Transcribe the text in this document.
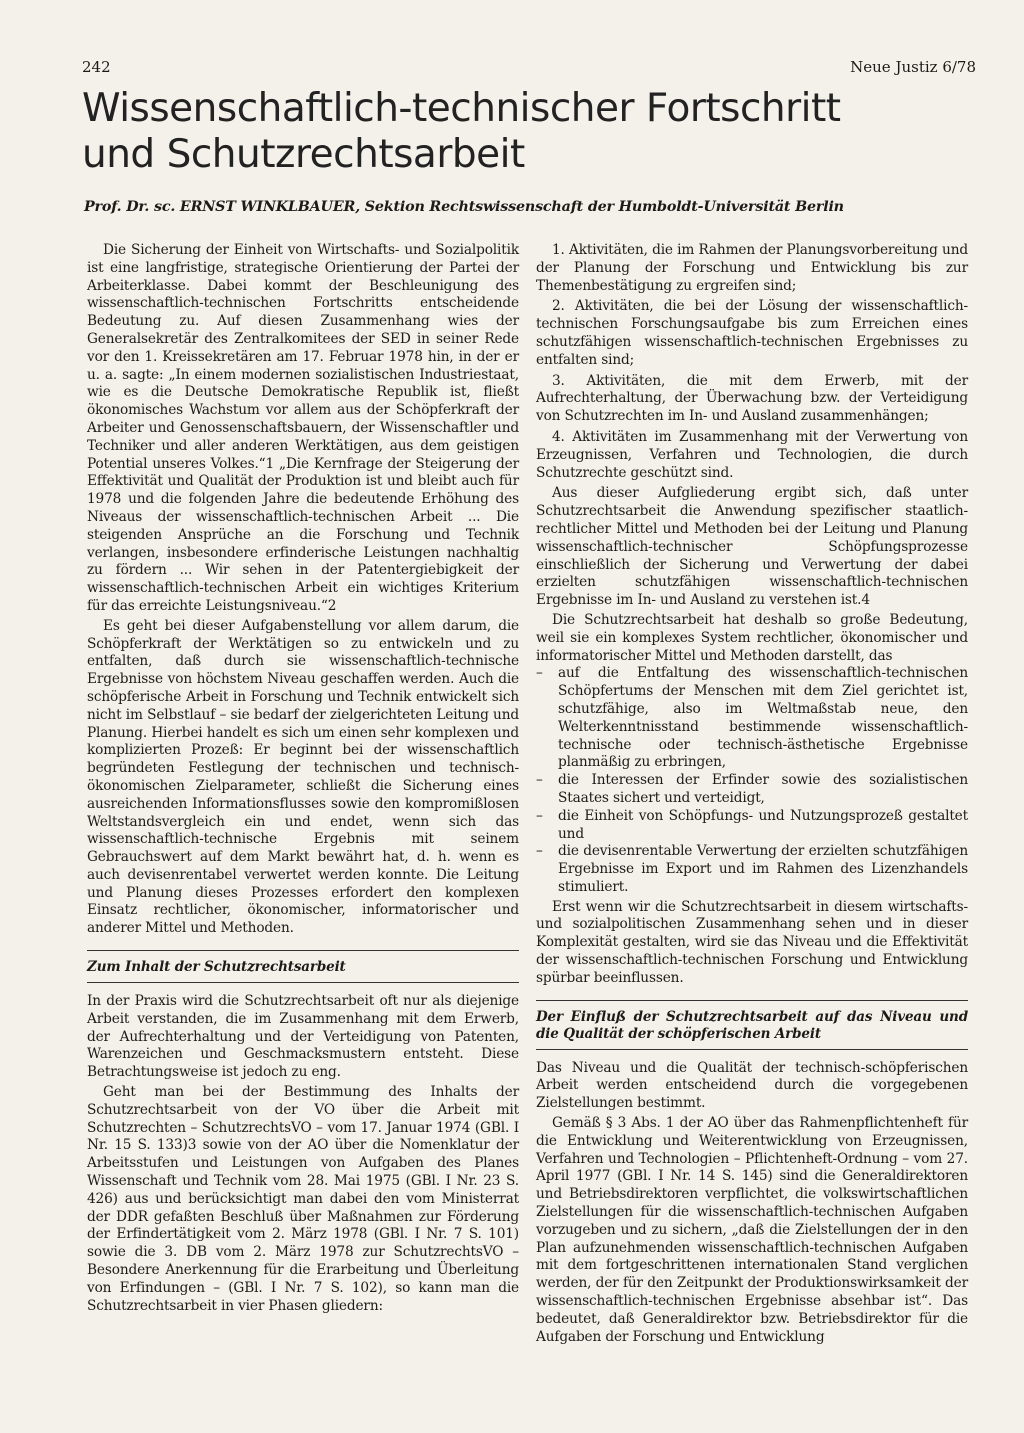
242	Neue Justiz 6/78
Wissenschaftlich-technischer Fortschritt
und Schutzrechtsarbeit
Prof. Dr. sc. ERNST WINKLBAUER, Sektion Rechtswissenschaft der Humboldt-Universität Berlin

Die Sicherung der Einheit von Wirtschafts- und Sozialpolitik ist eine langfristige, strategische Orientierung der Partei der Arbeiterklasse. Dabei kommt der Beschleunigung des wissenschaftlich-technischen Fortschritts entscheidende Bedeutung zu. Auf diesen Zusammenhang wies der Generalsekretär des Zentralkomitees der SED in seiner Rede vor den 1. Kreissekretären am 17. Februar 1978 hin, in der er u. a. sagte: „In einem modernen sozialistischen Industriestaat, wie es die Deutsche Demokratische Republik ist, fließt ökonomisches Wachstum vor allem aus der Schöpferkraft der Arbeiter und Genossenschaftsbauern, der Wissenschaftler und Techniker und aller anderen Werktätigen, aus dem geistigen Potential unseres Volkes.“1 „Die Kernfrage der Steigerung der Effektivität und Qualität der Produktion ist und bleibt auch für 1978 und die folgenden Jahre die bedeutende Erhöhung des Niveaus der wissenschaftlich-technischen Arbeit ... Die steigenden Ansprüche an die Forschung und Technik verlangen, insbesondere erfinderische Leistungen nachhaltig zu fördern ... Wir sehen in der Patentergiebigkeit der wissenschaftlich-technischen Arbeit ein wichtiges Kriterium für das erreichte Leistungsniveau.“2

Es geht bei dieser Aufgabenstellung vor allem darum, die Schöpferkraft der Werktätigen so zu entwickeln und zu entfalten, daß durch sie wissenschaftlich-technische Ergebnisse von höchstem Niveau geschaffen werden. Auch die schöpferische Arbeit in Forschung und Technik entwickelt sich nicht im Selbstlauf – sie bedarf der zielgerichteten Leitung und Planung. Hierbei handelt es sich um einen sehr komplexen und komplizierten Prozeß: Er beginnt bei der wissenschaftlich begründeten Festlegung der technischen und technisch-ökonomischen Zielparameter, schließt die Sicherung eines ausreichenden Informationsflusses sowie den kompromißlosen Weltstandsvergleich ein und endet, wenn sich das wissenschaftlich-technische Ergebnis mit seinem Gebrauchswert auf dem Markt bewährt hat, d. h. wenn es auch devisenrentabel verwertet werden konnte. Die Leitung und Planung dieses Prozesses erfordert den komplexen Einsatz rechtlicher, ökonomischer, informatorischer und anderer Mittel und Methoden.

Zum Inhalt der Schutzrechtsarbeit

In der Praxis wird die Schutzrechtsarbeit oft nur als diejenige Arbeit verstanden, die im Zusammenhang mit dem Erwerb, der Aufrechterhaltung und der Verteidigung von Patenten, Warenzeichen und Geschmacksmustern entsteht. Diese Betrachtungsweise ist jedoch zu eng.

Geht man bei der Bestimmung des Inhalts der Schutzrechtsarbeit von der VO über die Arbeit mit Schutzrechten – SchutzrechtsVO – vom 17. Januar 1974 (GBl. I Nr. 15 S. 133)3 sowie von der AO über die Nomenklatur der Arbeitsstufen und Leistungen von Aufgaben des Planes Wissenschaft und Technik vom 28. Mai 1975 (GBl. I Nr. 23 S. 426) aus und berücksichtigt man dabei den vom Ministerrat der DDR gefaßten Beschluß über Maßnahmen zur Förderung der Erfindertätigkeit vom 2. März 1978 (GBl. I Nr. 7 S. 101) sowie die 3. DB vom 2. März 1978 zur SchutzrechtsVO – Besondere Anerkennung für die Erarbeitung und Überleitung von Erfindungen – (GBl. I Nr. 7 S. 102), so kann man die Schutzrechtsarbeit in vier Phasen gliedern:

1. Aktivitäten, die im Rahmen der Planungsvorbereitung und der Planung der Forschung und Entwicklung bis zur Themenbestätigung zu ergreifen sind;
2. Aktivitäten, die bei der Lösung der wissenschaftlich-technischen Forschungsaufgabe bis zum Erreichen eines schutzfähigen wissenschaftlich-technischen Ergebnisses zu entfalten sind;
3. Aktivitäten, die mit dem Erwerb, mit der Aufrechterhaltung, der Überwachung bzw. der Verteidigung von Schutzrechten im In- und Ausland zusammenhängen;
4. Aktivitäten im Zusammenhang mit der Verwertung von Erzeugnissen, Verfahren und Technologien, die durch Schutzrechte geschützt sind.

Aus dieser Aufgliederung ergibt sich, daß unter Schutzrechtsarbeit die Anwendung spezifischer staatlich-rechtlicher Mittel und Methoden bei der Leitung und Planung wissenschaftlich-technischer Schöpfungsprozesse einschließlich der Sicherung und Verwertung der dabei erzielten schutzfähigen wissenschaftlich-technischen Ergebnisse im In- und Ausland zu verstehen ist.4

Die Schutzrechtsarbeit hat deshalb so große Bedeutung, weil sie ein komplexes System rechtlicher, ökonomischer und informatorischer Mittel und Methoden darstellt, das

– auf die Entfaltung des wissenschaftlich-technischen Schöpfertums der Menschen mit dem Ziel gerichtet ist, schutzfähige, also im Weltmaßstab neue, den Welterkenntnisstand bestimmende wissenschaftlich-technische oder technisch-ästhetische Ergebnisse planmäßig zu erbringen,
– die Interessen der Erfinder sowie des sozialistischen Staates sichert und verteidigt,
– die Einheit von Schöpfungs- und Nutzungsprozeß gestaltet und
– die devisenrentable Verwertung der erzielten schutzfähigen Ergebnisse im Export und im Rahmen des Lizenzhandels stimuliert.

Erst wenn wir die Schutzrechtsarbeit in diesem wirtschafts- und sozialpolitischen Zusammenhang sehen und in dieser Komplexität gestalten, wird sie das Niveau und die Effektivität der wissenschaftlich-technischen Forschung und Entwicklung spürbar beeinflussen.

Der Einfluß der Schutzrechtsarbeit auf das Niveau und die Qualität der schöpferischen Arbeit

Das Niveau und die Qualität der technisch-schöpferischen Arbeit werden entscheidend durch die vorgegebenen Zielstellungen bestimmt.

Gemäß § 3 Abs. 1 der AO über das Rahmenpflichtenheft für die Entwicklung und Weiterentwicklung von Erzeugnissen, Verfahren und Technologien – Pflichtenheft-Ordnung – vom 27. April 1977 (GBl. I Nr. 14 S. 145) sind die Generaldirektoren und Betriebsdirektoren verpflichtet, die volkswirtschaftlichen Zielstellungen für die wissenschaftlich-technischen Aufgaben vorzugeben und zu sichern, „daß die Zielstellungen der in den Plan aufzunehmenden wissenschaftlich-technischen Aufgaben mit dem fortgeschrittenen internationalen Stand verglichen werden, der für den Zeitpunkt der Produktionswirksamkeit der wissenschaftlich-technischen Ergebnisse absehbar ist“. Das bedeutet, daß Generaldirektor bzw. Betriebsdirektor für die Aufgaben der Forschung und Entwicklung
